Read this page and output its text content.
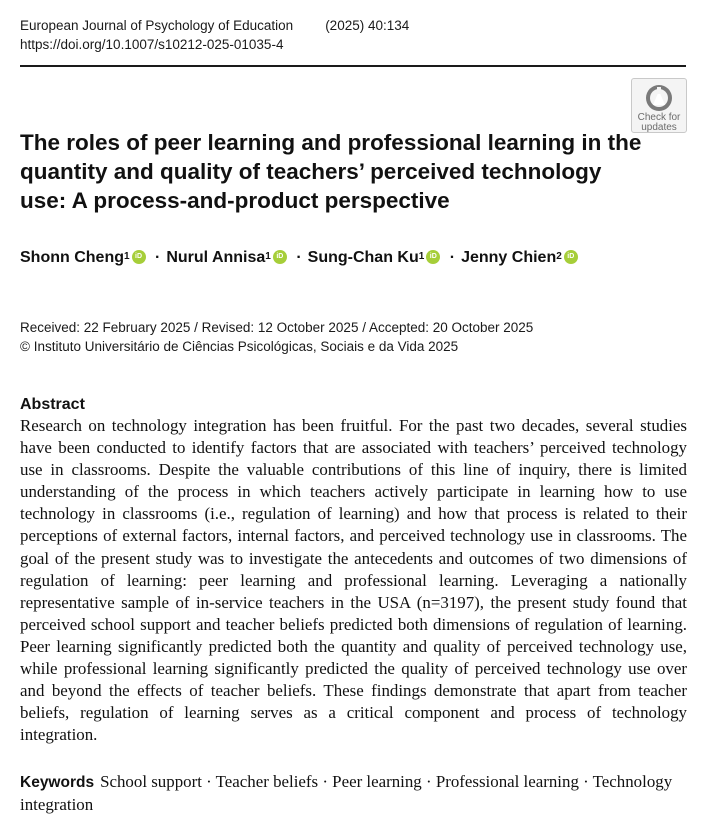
European Journal of Psychology of Education (2025) 40:134
https://doi.org/10.1007/s10212-025-01035-4
Check for
updates
The roles of peer learning and professional learning in the quantity and quality of teachers’ perceived technology use: A process-and-product perspective
Shonn Cheng$^1$ iD · Nurul Annisa$^1$ iD · Sung-Chan Ku$^1$ iD · Jenny Chien$^2$ iD
Received: 22 February 2025 / Revised: 12 October 2025 / Accepted: 20 October 2025
© Instituto Universitário de Ciências Psicológicas, Sociais e da Vida 2025
Abstract
Research on technology integration has been fruitful. For the past two decades, several studies have been conducted to identify factors that are associated with teachers’ perceived technology use in classrooms. Despite the valuable contributions of this line of inquiry, there is limited understanding of the process in which teachers actively participate in learning how to use technology in classrooms (i.e., regulation of learning) and how that process is related to their perceptions of external factors, internal factors, and perceived technology use in classrooms. The goal of the present study was to investigate the antecedents and outcomes of two dimensions of regulation of learning: peer learning and professional learning. Leveraging a nationally representative sample of in-service teachers in the USA (n=3197), the present study found that perceived school support and teacher beliefs predicted both dimensions of regulation of learning. Peer learning significantly predicted both the quantity and quality of perceived technology use, while professional learning significantly predicted the quality of perceived technology use over and beyond the effects of teacher beliefs. These findings demonstrate that apart from teacher beliefs, regulation of learning serves as a critical component and process of technology integration.
Keywords School support · Teacher beliefs · Peer learning · Professional learning · Technology integration
